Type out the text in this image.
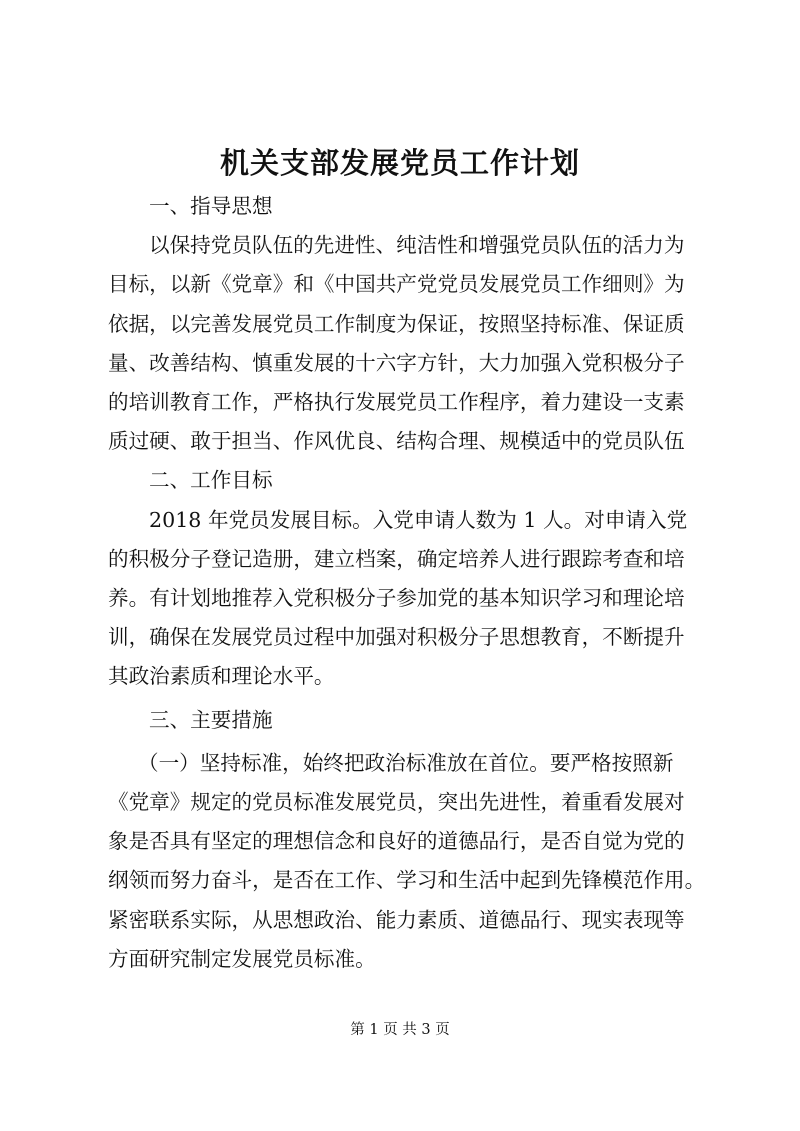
机关支部发展党员工作计划
一、指导思想
以保持党员队伍的先进性、纯洁性和增强党员队伍的活力为
目标，以新《党章》和《中国共产党党员发展党员工作细则》为
依据，以完善发展党员工作制度为保证，按照坚持标准、保证质
量、改善结构、慎重发展的十六字方针，大力加强入党积极分子
的培训教育工作，严格执行发展党员工作程序，着力建设一支素
质过硬、敢于担当、作风优良、结构合理、规模适中的党员队伍
二、工作目标
2018 年党员发展目标。入党申请人数为 1 人。对申请入党
的积极分子登记造册，建立档案，确定培养人进行跟踪考查和培
养。有计划地推荐入党积极分子参加党的基本知识学习和理论培
训，确保在发展党员过程中加强对积极分子思想教育，不断提升
其政治素质和理论水平。
三、主要措施
（一）坚持标准，始终把政治标准放在首位。要严格按照新
《党章》规定的党员标准发展党员，突出先进性，着重看发展对
象是否具有坚定的理想信念和良好的道德品行，是否自觉为党的
纲领而努力奋斗，是否在工作、学习和生活中起到先锋模范作用。
紧密联系实际，从思想政治、能力素质、道德品行、现实表现等
方面研究制定发展党员标准。
第 1 页 共 3 页
